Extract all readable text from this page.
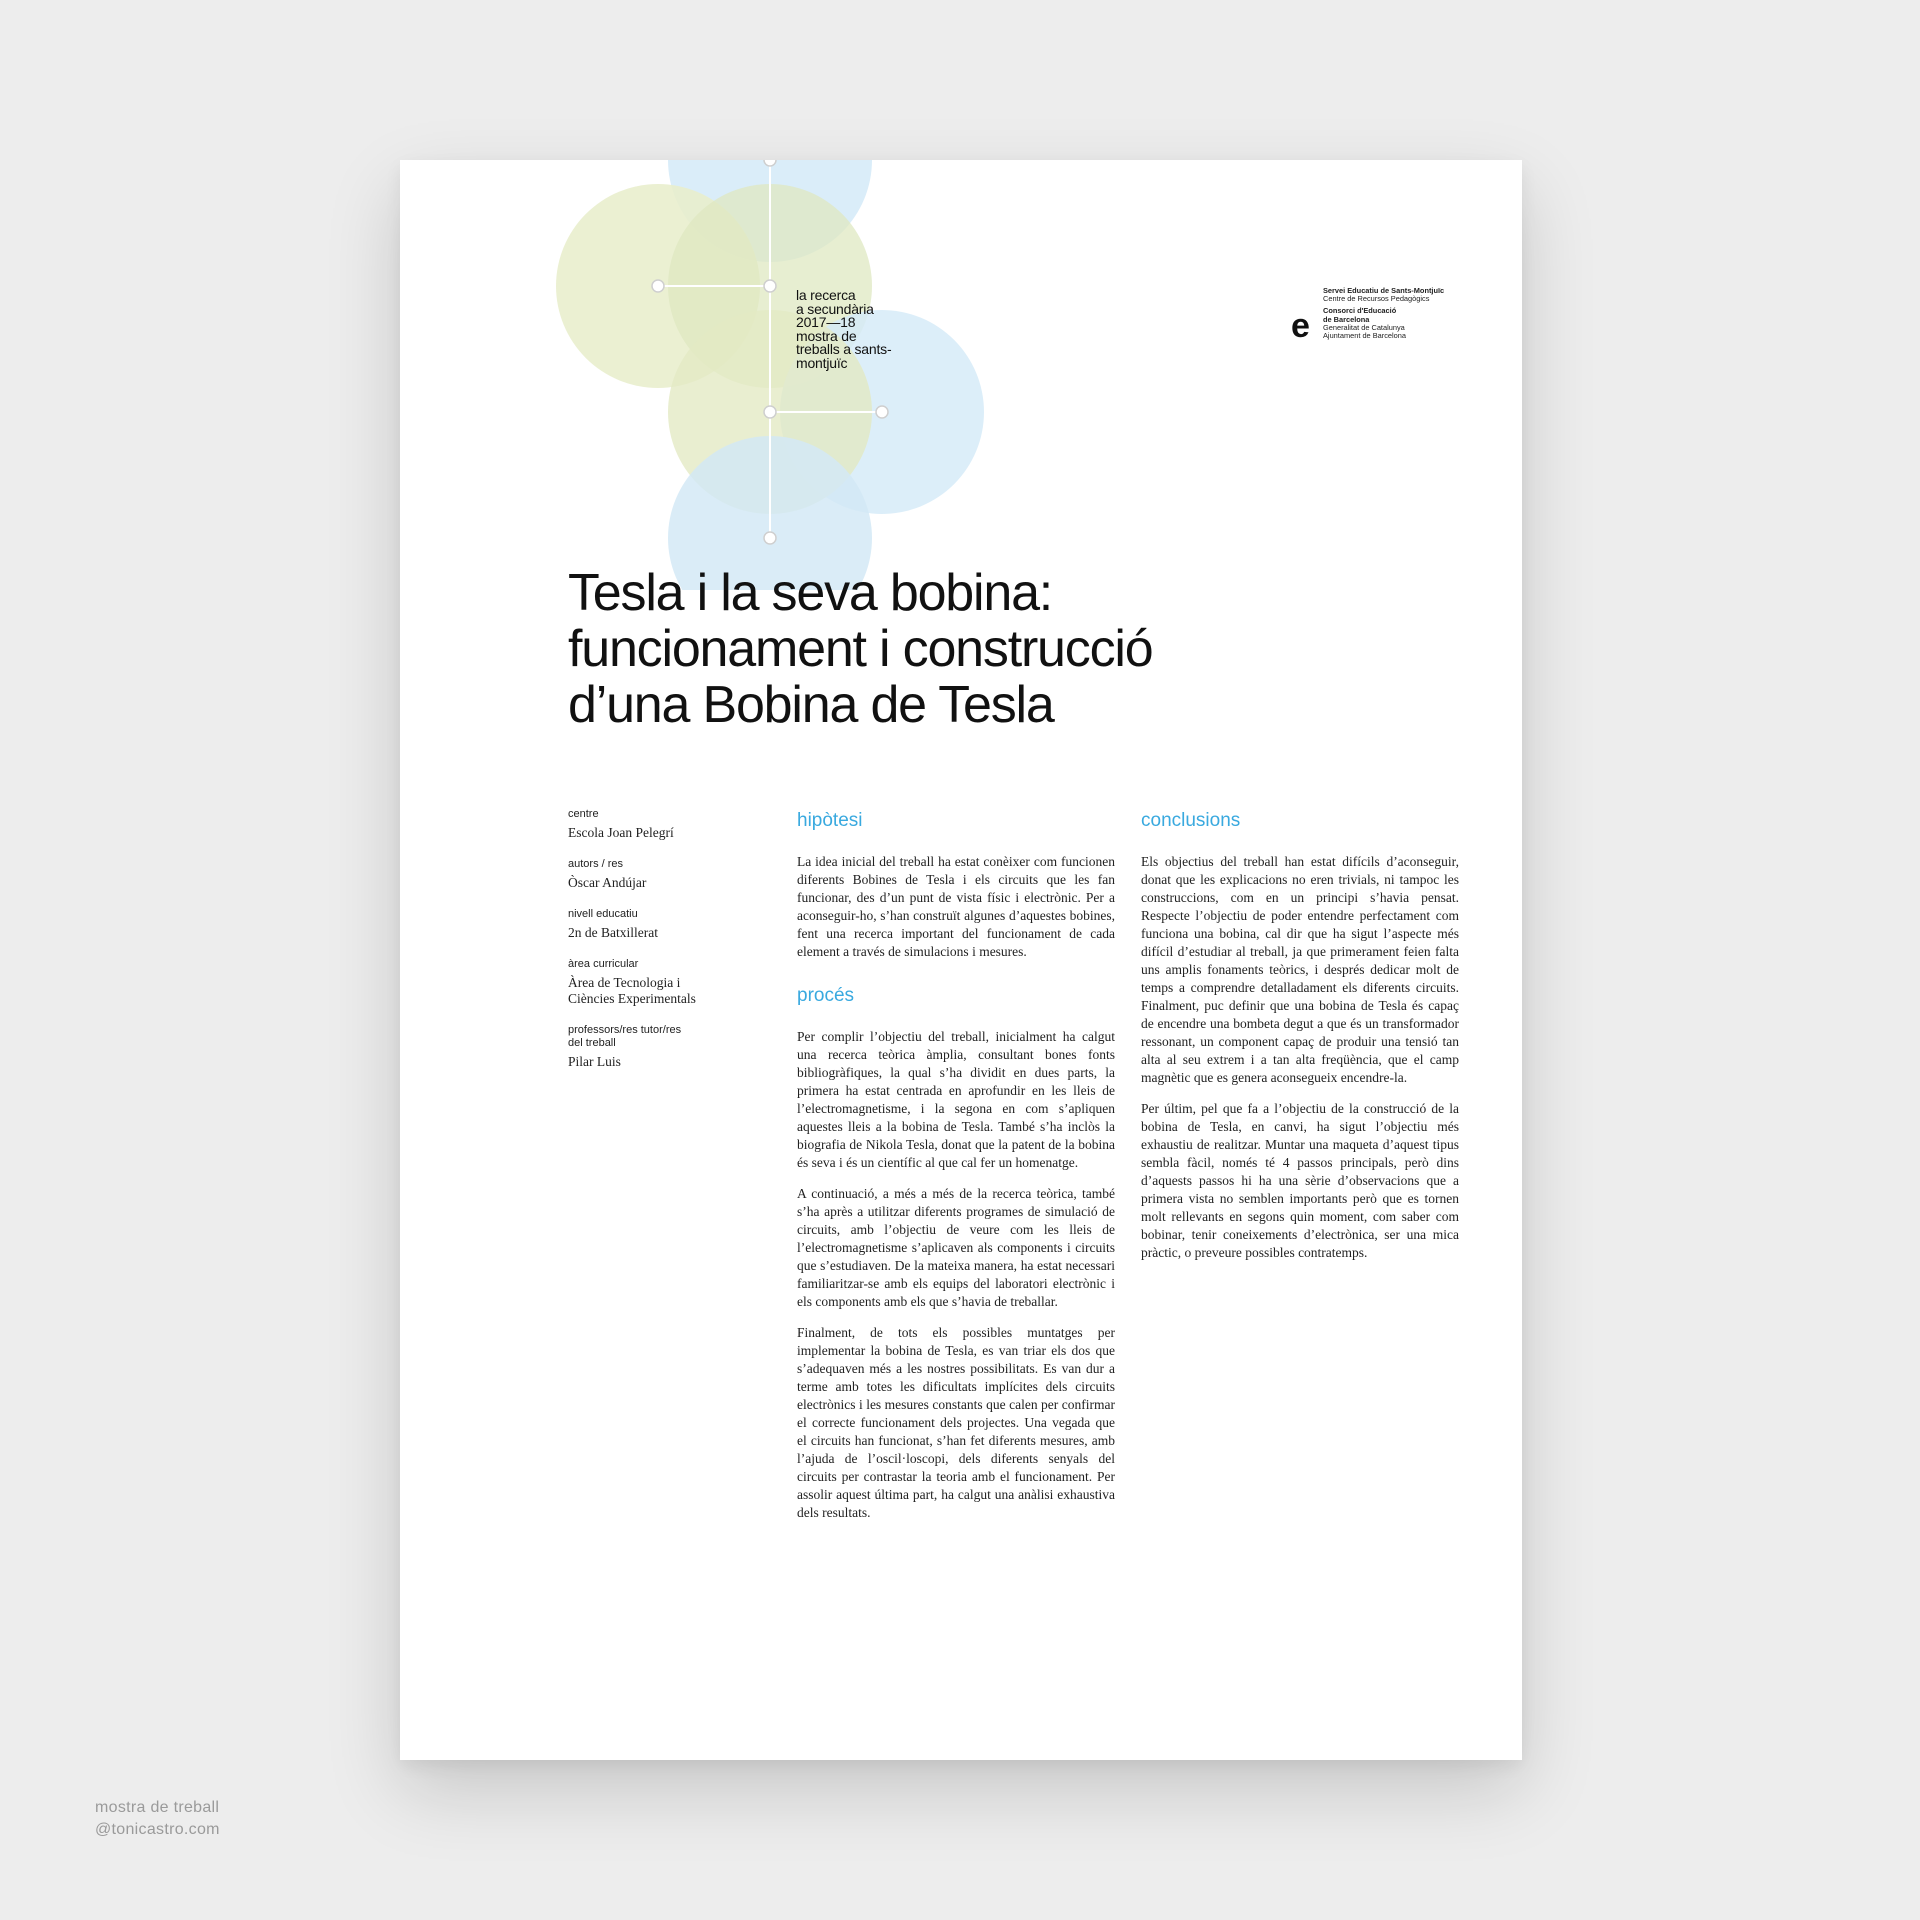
la recerca
a secundària
2017—18
mostra de
treballs a sants-
montjuïc
e
Servei Educatiu de Sants-Montjuïc
Centre de Recursos Pedagògics
Consorci d'Educació
de Barcelona
Generalitat de Catalunya
Ajuntament de Barcelona
Tesla i la seva bobina:
funcionament i construcció
d’una Bobina de Tesla
centre
Escola Joan Pelegrí
autors / res
Òscar Andújar
nivell educatiu
2n de Batxillerat
àrea curricular
Àrea de Tecnologia i Ciències Experimentals
professors/res tutor/res del treball
Pilar Luis
hipòtesi

La idea inicial del treball ha estat conèixer com funcionen diferents Bobines de Tesla i els circuits que les fan funcionar, des d’un punt de vista físic i electrònic. Per a aconseguir-ho, s’han construït algunes d’aquestes bobines, fent una recerca important del funcionament de cada element a través de simulacions i mesures.

procés

Per complir l’objectiu del treball, inicialment ha calgut una recerca teòrica àmplia, consultant bones fonts bibliogràfiques, la qual s’ha dividit en dues parts, la primera ha estat centrada en aprofundir en les lleis de l’electromagnetisme, i la segona en com s’apliquen aquestes lleis a la bobina de Tesla. També s’ha inclòs la biografia de Nikola Tesla, donat que la patent de la bobina és seva i és un científic al que cal fer un homenatge.

A continuació, a més a més de la recerca teòrica, també s’ha après a utilitzar diferents programes de simulació de circuits, amb l’objectiu de veure com les lleis de l’electromagnetisme s’aplicaven als components i circuits que s’estudiaven. De la mateixa manera, ha estat necessari familiaritzar-se amb els equips del laboratori electrònic i els components amb els que s’havia de treballar.

Finalment, de tots els possibles muntatges per implementar la bobina de Tesla, es van triar els dos que s’adequaven més a les nostres possibilitats. Es van dur a terme amb totes les dificultats implícites dels circuits electrònics i les mesures constants que calen per confirmar el correcte funcionament dels projectes. Una vegada que el circuits han funcionat, s’han fet diferents mesures, amb l’ajuda de l’oscil·loscopi, dels diferents senyals del circuits per contrastar la teoria amb el funcionament. Per assolir aquest última part, ha calgut una anàlisi exhaustiva dels resultats.

conclusions

Els objectius del treball han estat difícils d’aconseguir, donat que les explicacions no eren trivials, ni tampoc les construccions, com en un principi s’havia pensat. Respecte l’objectiu de poder entendre perfectament com funciona una bobina, cal dir que ha sigut l’aspecte més difícil d’estudiar al treball, ja que primerament feien falta uns amplis fonaments teòrics, i després dedicar molt de temps a comprendre detalladament els diferents circuits. Finalment, puc definir que una bobina de Tesla és capaç de encendre una bombeta degut a que és un transformador ressonant, un component capaç de produir una tensió tan alta al seu extrem i a tan alta freqüència, que el camp magnètic que es genera aconsegueix encendre-la.

Per últim, pel que fa a l’objectiu de la construcció de la bobina de Tesla, en canvi, ha sigut l’objectiu més exhaustiu de realitzar. Muntar una maqueta d’aquest tipus sembla fàcil, només té 4 passos principals, però dins d’aquests passos hi ha una sèrie d’observacions que a primera vista no semblen importants però que es tornen molt rellevants en segons quin moment, com saber com bobinar, tenir coneixements d’electrònica, ser una mica pràctic, o preveure possibles contratemps.

mostra de treball
@tonicastro.com
